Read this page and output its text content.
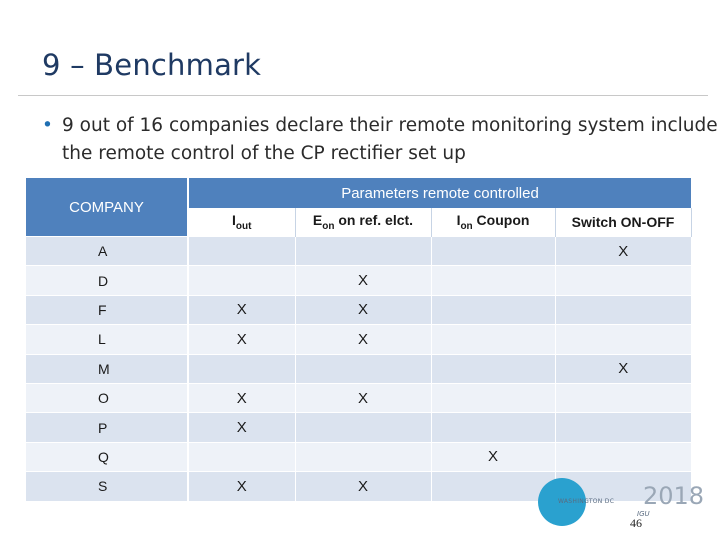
9 – Benchmark
• 9 out of 16 companies declare their remote monitoring system include the remote control of the CP rectifier set up
COMPANY	Parameters remote controlled			
	$I_{out}$	$E_{on}$ on ref. elct.	$I_{on}$ Coupon	Switch ON-OFF
A				X
D		X		
F	X	X		
L	X	X		
M				X
O	X	X		
P	X			
Q			X	
S	X	X		
WASHINGTON DC 2018
IGU
46
